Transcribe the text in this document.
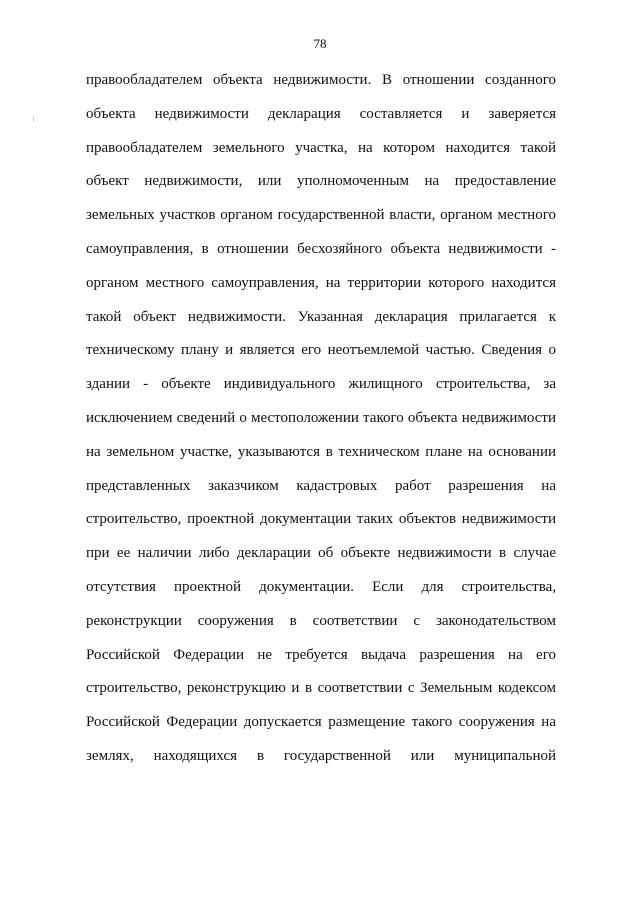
78
правообладателем объекта недвижимости. В отношении созданного
объекта недвижимости декларация составляется и заверяется
правообладателем земельного участка, на котором находится такой
объект недвижимости, или уполномоченным на предоставление
земельных участков органом государственной власти, органом местного
самоуправления, в отношении бесхозяйного объекта недвижимости -
органом местного самоуправления, на территории которого находится
такой объект недвижимости. Указанная декларация прилагается к
техническому плану и является его неотъемлемой частью. Сведения о
здании - объекте индивидуального жилищного строительства, за
исключением сведений о местоположении такого объекта недвижимости
на земельном участке, указываются в техническом плане на основании
представленных заказчиком кадастровых работ разрешения на
строительство, проектной документации таких объектов недвижимости
при ее наличии либо декларации об объекте недвижимости в случае
отсутствия проектной документации. Если для строительства,
реконструкции сооружения в соответствии с законодательством
Российской Федерации не требуется выдача разрешения на его
строительство, реконструкцию и в соответствии с Земельным кодексом
Российской Федерации допускается размещение такого сооружения на
землях, находящихся в государственной или муниципальной
